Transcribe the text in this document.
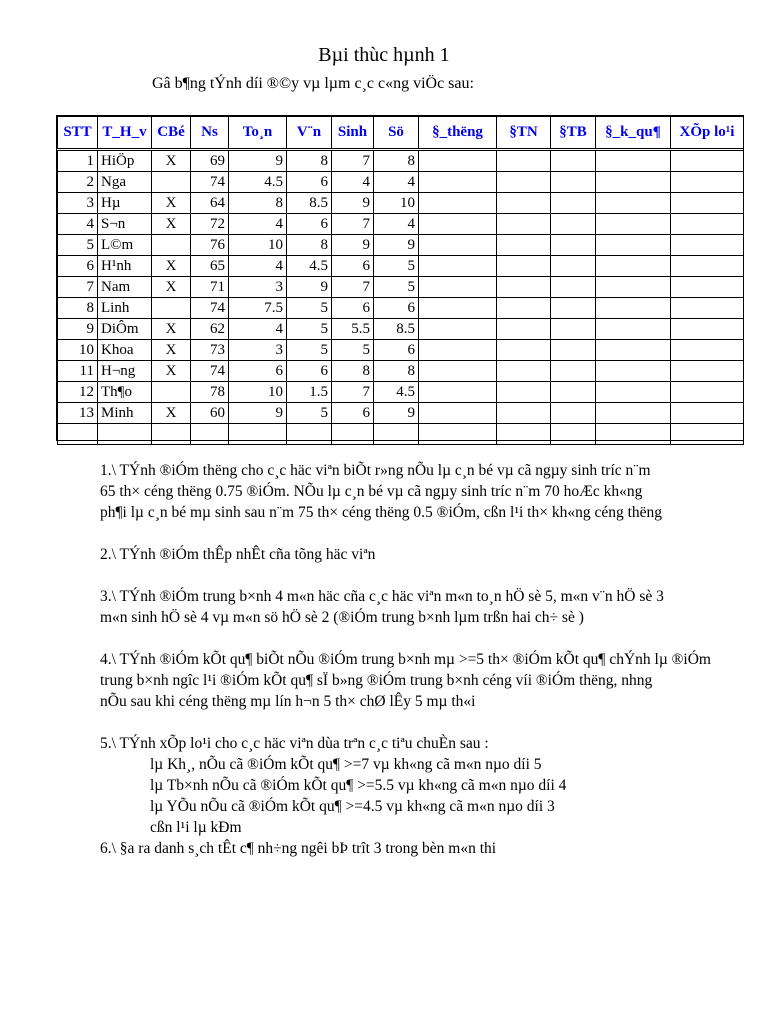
Bµi thùc hµnh 1
Gâ b¶ng tÝnh díi ®©y vµ lµm c¸c c«ng viÖc sau:
STT	T_H_v	CBé	Ns	To¸n	V¨n	Sinh	Sö	§_thëng	§TN	§TB	§_k_qu¶	XÕp lo¹i
1	HiÖp	X	69	9	8	7	8					
2	Nga		74	4.5	6	4	4					
3	Hµ	X	64	8	8.5	9	10					
4	S¬n	X	72	4	6	7	4					
5	L©m		76	10	8	9	9					
6	H¹nh	X	65	4	4.5	6	5					
7	Nam	X	71	3	9	7	5					
8	Linh		74	7.5	5	6	6					
9	DiÔm	X	62	4	5	5.5	8.5					
10	Khoa	X	73	3	5	5	6					
11	H¬ng	X	74	6	6	8	8					
12	Th¶o		78	10	1.5	7	4.5					
13	Minh	X	60	9	5	6	9					

1.\ TÝnh ®iÓm thëng cho c¸c häc viªn biÕt r»ng nÕu lµ c¸n bé vµ cã ngµy sinh tríc n¨m

65 th× céng thëng 0.75 ®iÓm. NÕu lµ c¸n bé vµ cã ngµy sinh tríc n¨m 70 hoÆc kh«ng

ph¶i lµ c¸n bé mµ sinh sau n¨m 75 th× céng thëng 0.5 ®iÓm, cßn l¹i th× kh«ng céng thëng

2.\ TÝnh ®iÓm thÊp nhÊt cña tõng häc viªn

3.\ TÝnh ®iÓm trung b×nh 4 m«n häc cña c¸c häc viªn m«n to¸n hÖ sè 5, m«n v¨n hÖ sè 3

m«n sinh hÖ sè 4 vµ m«n sö hÖ sè 2 (®iÓm trung b×nh lµm trßn hai ch÷ sè )

4.\ TÝnh ®iÓm kÕt qu¶ biÕt nÕu ®iÓm trung b×nh mµ >=5 th× ®iÓm kÕt qu¶ chÝnh lµ ®iÓm

trung b×nh ngîc l¹i ®iÓm kÕt qu¶ sÏ b»ng ®iÓm trung b×nh céng víi ®iÓm thëng, nhng

nÕu sau khi céng thëng mµ lín h¬n 5 th× chØ lÊy 5 mµ th«i

5.\ TÝnh xÕp lo¹i cho c¸c häc viªn dùa trªn c¸c tiªu chuÈn sau :

lµ Kh¸, nÕu cã ®iÓm kÕt qu¶ >=7 vµ kh«ng cã m«n nµo díi 5

lµ Tb×nh nÕu cã ®iÓm kÕt qu¶ >=5.5 vµ kh«ng cã m«n nµo díi 4

lµ YÕu nÕu cã ®iÓm kÕt qu¶ >=4.5 vµ kh«ng cã m«n nµo díi 3

cßn l¹i lµ kÐm

6.\ §a ra danh s¸ch tÊt c¶ nh÷ng ngêi bÞ trît 3 trong bèn m«n thi
